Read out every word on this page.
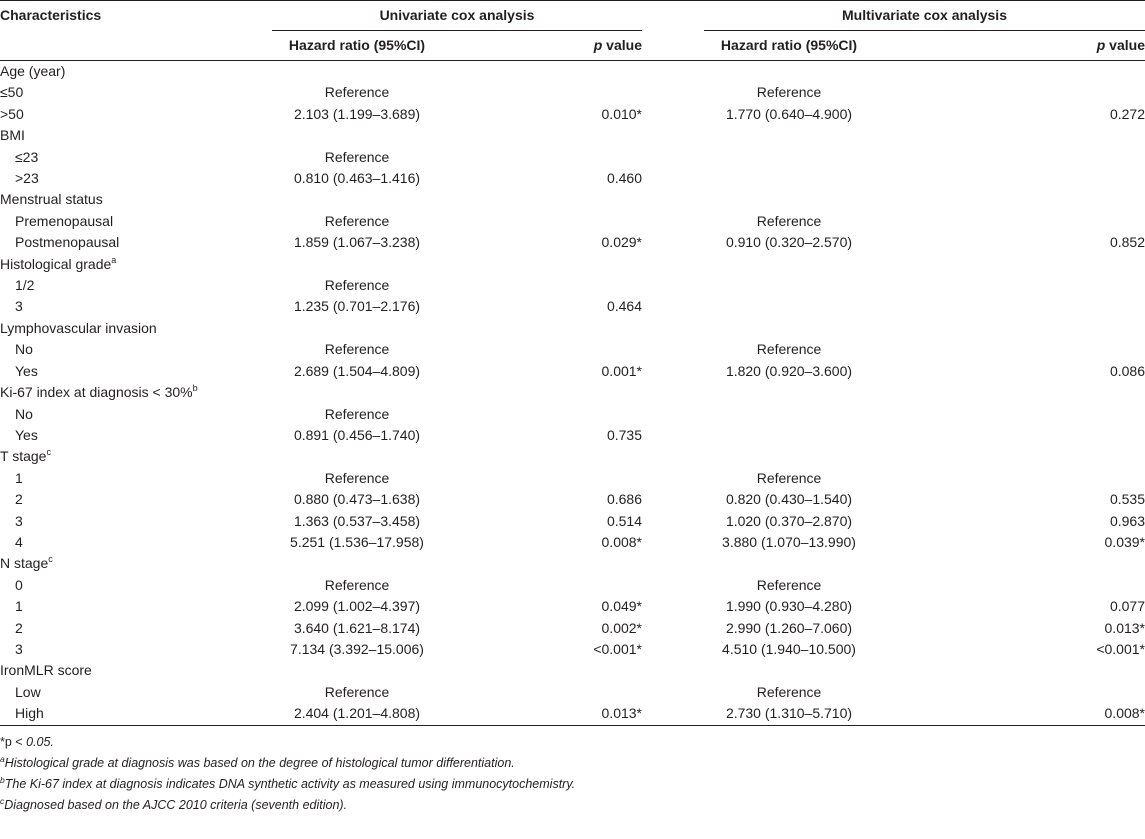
Characteristics	Univariate cox analysis			Multivariate cox analysis	
	Hazard ratio (95%CI)	p value		Hazard ratio (95%CI)	p value
Age (year)					
≤50	Reference			Reference	
>50	2.103 (1.199–3.689)	0.010*		1.770 (0.640–4.900)	0.272
BMI					
≤23	Reference				
>23	0.810 (0.463–1.416)	0.460			
Menstrual status					
Premenopausal	Reference			Reference	
Postmenopausal	1.859 (1.067–3.238)	0.029*		0.910 (0.320–2.570)	0.852
Histological grade$^a$					
1/2	Reference				
3	1.235 (0.701–2.176)	0.464			
Lymphovascular invasion					
No	Reference			Reference	
Yes	2.689 (1.504–4.809)	0.001*		1.820 (0.920–3.600)	0.086
Ki-67 index at diagnosis < 30%$^b$					
No	Reference				
Yes	0.891 (0.456–1.740)	0.735			
T stage$^c$					
1	Reference			Reference	
2	0.880 (0.473–1.638)	0.686		0.820 (0.430–1.540)	0.535
3	1.363 (0.537–3.458)	0.514		1.020 (0.370–2.870)	0.963
4	5.251 (1.536–17.958)	0.008*		3.880 (1.070–13.990)	0.039*
N stage$^c$					
0	Reference			Reference	
1	2.099 (1.002–4.397)	0.049*		1.990 (0.930–4.280)	0.077
2	3.640 (1.621–8.174)	0.002*		2.990 (1.260–7.060)	0.013*
3	7.134 (3.392–15.006)	<0.001*		4.510 (1.940–10.500)	<0.001*
IronMLR score					
Low	Reference			Reference	
High	2.404 (1.201–4.808)	0.013*		2.730 (1.310–5.710)	0.008*
*p < 0.05.
$^a$Histological grade at diagnosis was based on the degree of histological tumor differentiation.
$^b$The Ki-67 index at diagnosis indicates DNA synthetic activity as measured using immunocytochemistry.
$^c$Diagnosed based on the AJCC 2010 criteria (seventh edition).
